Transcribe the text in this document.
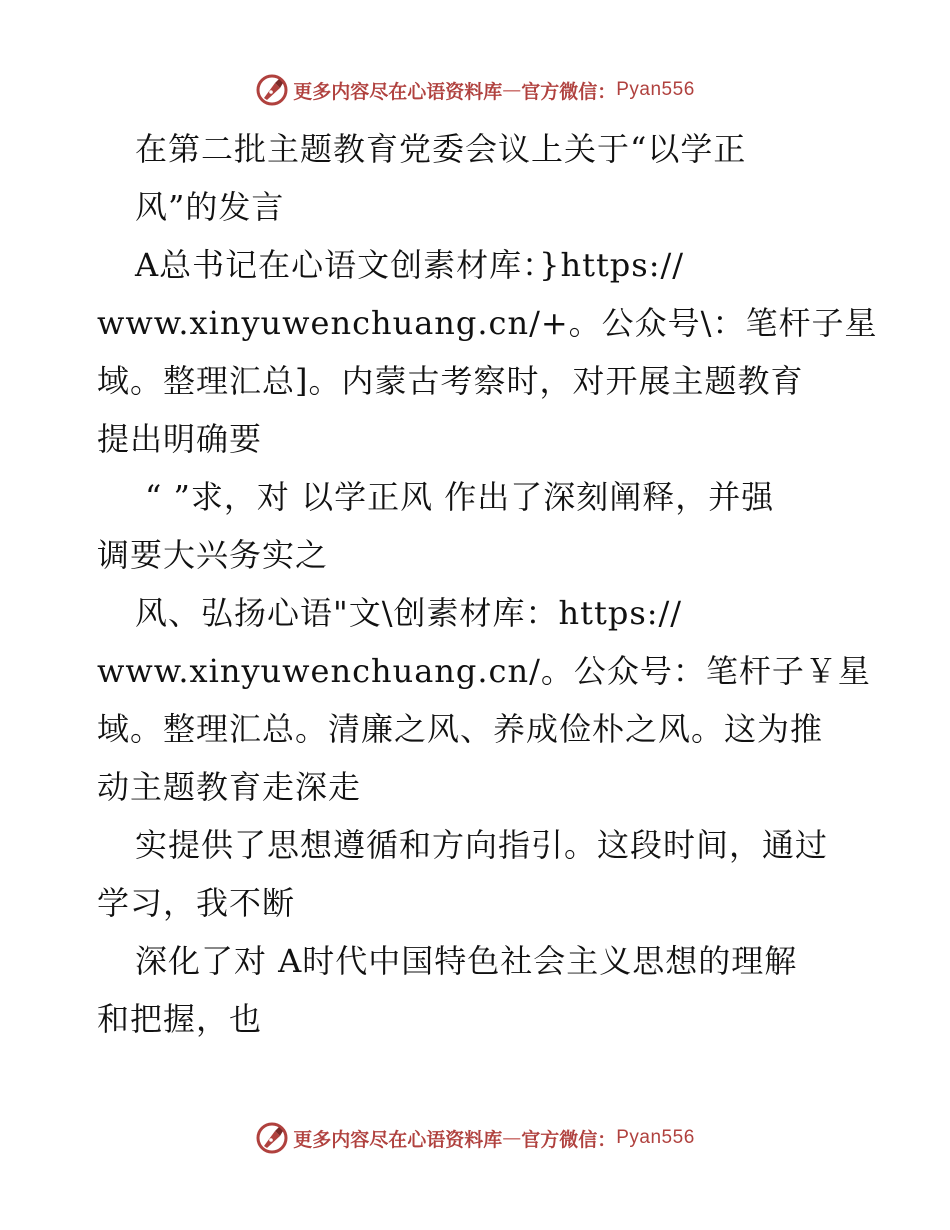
更多内容尽在心语资料库 — 官方微信： Pyan556
在第二批主题教育党委会议上关于“以学正
风”的发言
A总书记在心语文创素材库：}https://
www.xinyuwenchuang.cn/+。公众号\：笔杆子星
域。整理汇总]。内蒙古考察时，对开展主题教育
提出明确要
“ ”求，对 以学正风 作出了深刻阐释，并强
调要大兴务实之
风、弘扬心语"文\创素材库：https://
www.xinyuwenchuang.cn/。公众号：笔杆子￥星
域。整理汇总。清廉之风、养成俭朴之风。这为推
动主题教育走深走
实提供了思想遵循和方向指引。这段时间，通过
学习，我不断
深化了对 A时代中国特色社会主义思想的理解
和把握，也
更多内容尽在心语资料库 — 官方微信： Pyan556
